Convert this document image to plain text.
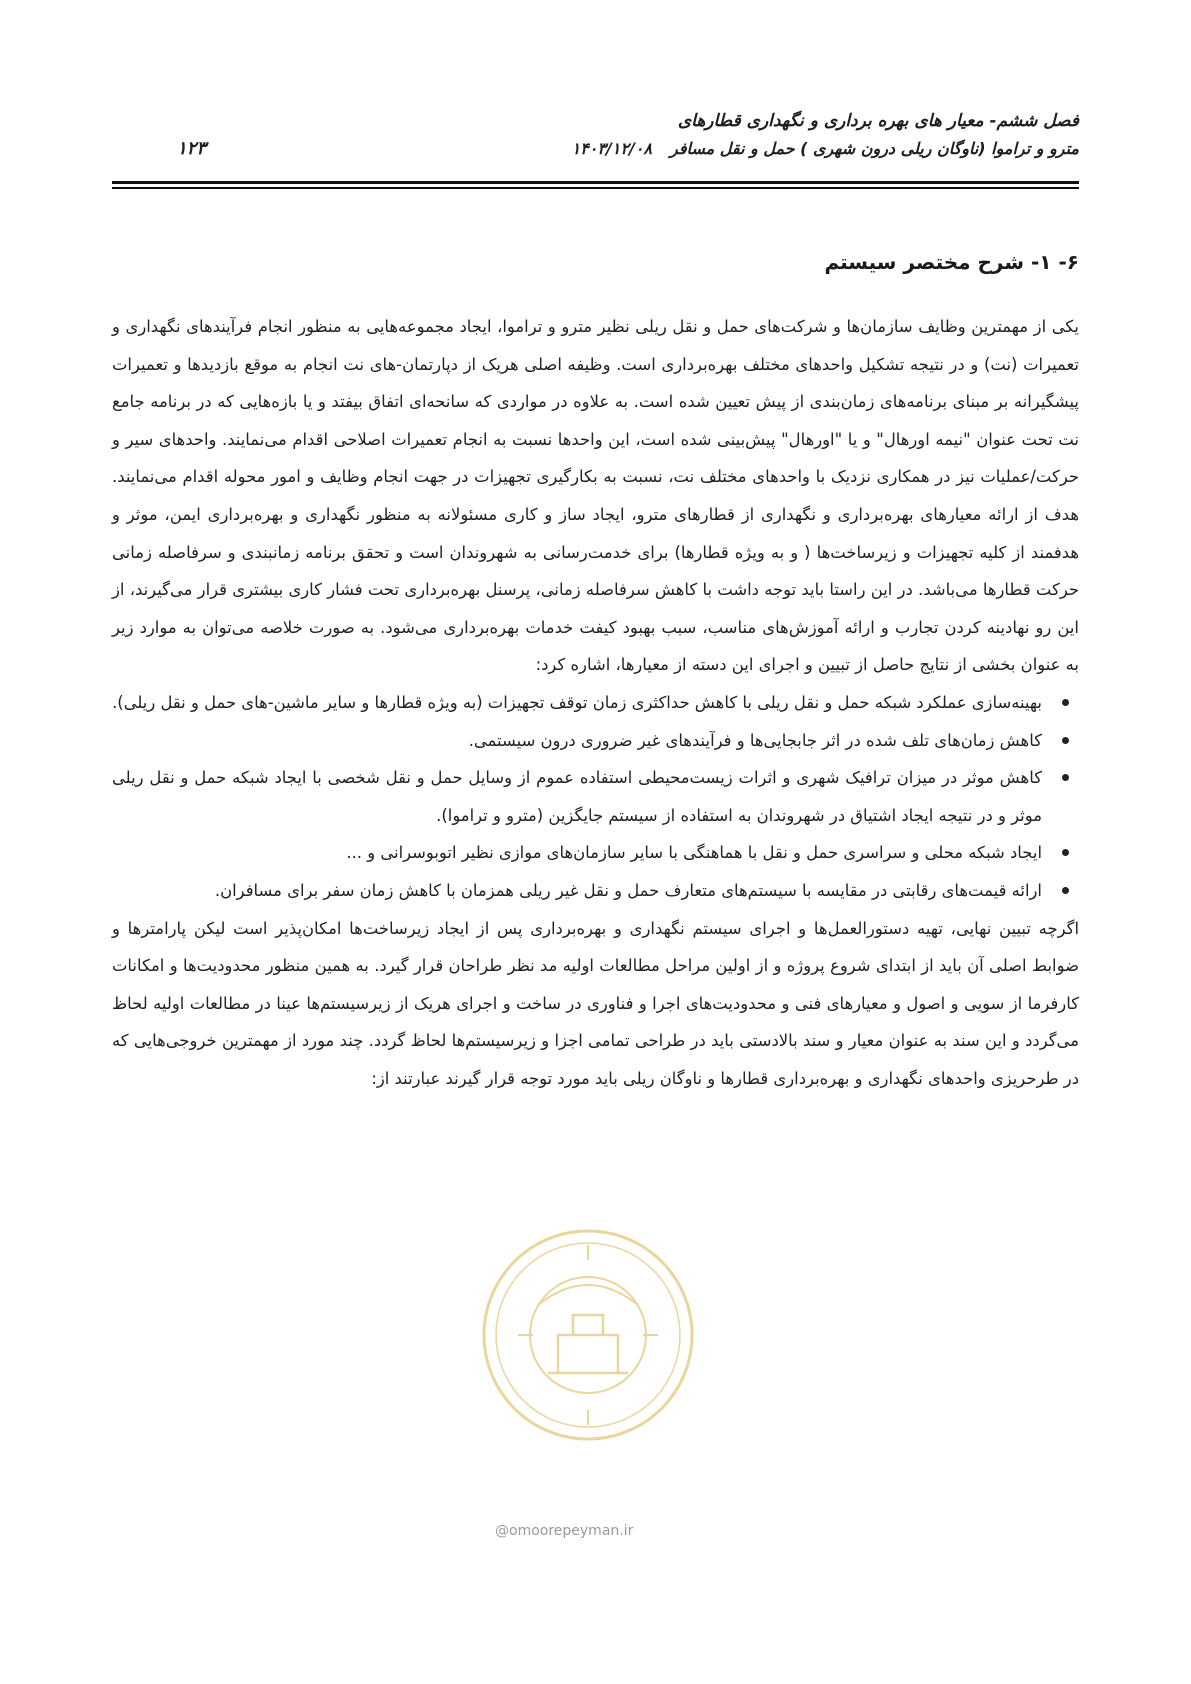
فصل ششم- معیار های بهره برداری و نگهداری قطارهای
مترو و تراموا (ناوگان ریلی درون شهری ) حمل و نقل مسافر۱۴۰۳/۱۲/۰۸
۱۲۳
۶- ۱- شرح مختصر سیستم

یکی از مهمترین وظایف سازمان‌ها و شرکت‌های حمل و نقل ریلی نظیر مترو و تراموا، ایجاد مجموعه‌هایی به منظور انجام فرآیندهای نگهداری و تعمیرات (نت) و در نتیجه تشکیل واحدهای مختلف بهره‌برداری است. وظیفه اصلی هریک از دپارتمان-های نت انجام به موقع بازدیدها و تعمیرات پیشگیرانه بر مبنای برنامه‌های زمان‌بندی از پیش تعیین شده است. به علاوه در مواردی که سانحه‌ای اتفاق بیفتد و یا بازه‌هایی که در برنامه جامع نت تحت عنوان "نیمه اورهال" و یا "اورهال" پیش‌بینی شده است، این واحدها نسبت به انجام تعمیرات اصلاحی اقدام می‌نمایند. واحدهای سیر و حرکت/عملیات نیز در همکاری نزدیک با واحدهای مختلف نت، نسبت به بکارگیری تجهیزات در جهت انجام وظایف و امور محوله اقدام می‌نمایند. هدف از ارائه معیارهای بهره‌برداری و نگهداری از قطارهای مترو، ایجاد ساز و کاری مسئولانه به منظور نگهداری و بهره‌برداری ایمن، موثر و هدفمند از کلیه تجهیزات و زیرساخت‌ها ( و به ویژه قطارها) برای خدمت‌رسانی به شهروندان است و تحقق برنامه زمانبندی و سرفاصله زمانی حرکت قطارها می‌باشد. در این راستا باید توجه داشت با کاهش سرفاصله زمانی، پرسنل بهره‌برداری تحت فشار کاری بیشتری قرار می‌گیرند، از این رو نهادینه کردن تجارب و ارائه آموزش‌های مناسب، سبب بهبود کیفت خدمات بهره‌برداری می‌شود. به صورت خلاصه می‌توان به موارد زیر به عنوان بخشی از نتایج حاصل از تبیین و اجرای این دسته از معیارها، اشاره کرد:

بهینه‌سازی عملکرد شبکه حمل و نقل ریلی با کاهش حداکثری زمان توقف تجهیزات (به ویژه قطارها و سایر ماشین-های حمل و نقل ریلی).
کاهش زمان‌های تلف شده در اثر جابجایی‌ها و فرآیندهای غیر ضروری درون سیستمی.
کاهش موثر در میزان ترافیک شهری و اثرات زیست‌محیطی استفاده عموم از وسایل حمل و نقل شخصی با ایجاد شبکه حمل و نقل ریلی موثر و در نتیجه ایجاد اشتیاق در شهروندان به استفاده از سیستم جایگزین (مترو و تراموا).
ایجاد شبکه محلی و سراسری حمل و نقل با هماهنگی با سایر سازمان‌های موازی نظیر اتوبوسرانی و ...
ارائه قیمت‌های رقابتی در مقایسه با سیستم‌های متعارف حمل و نقل غیر ریلی همزمان با کاهش زمان سفر برای مسافران.

اگرچه تبیین نهایی، تهیه دستورالعمل‌ها و اجرای سیستم نگهداری و بهره‌برداری پس از ایجاد زیرساخت‌ها امکان‌پذیر است لیکن پارامترها و ضوابط اصلی آن باید از ابتدای شروع پروژه و از اولین مراحل مطالعات اولیه مد نظر طراحان قرار گیرد. به همین منظور محدودیت‌ها و امکانات کارفرما از سویی و اصول و معیارهای فنی و محدودیت‌های اجرا و فناوری در ساخت و اجرای هریک از زیرسیستم‌ها عینا در مطالعات اولیه لحاظ می‌گردد و این سند به عنوان معیار و سند بالادستی باید در طراحی تمامی اجزا و زیرسیستم‌ها لحاظ گردد. چند مورد از مهمترین خروجی‌هایی که در طرحریزی واحدهای نگهداری و بهره‌برداری قطارها و ناوگان ریلی باید مورد توجه قرار گیرند عبارتند از:

@omoorepeyman.ir
